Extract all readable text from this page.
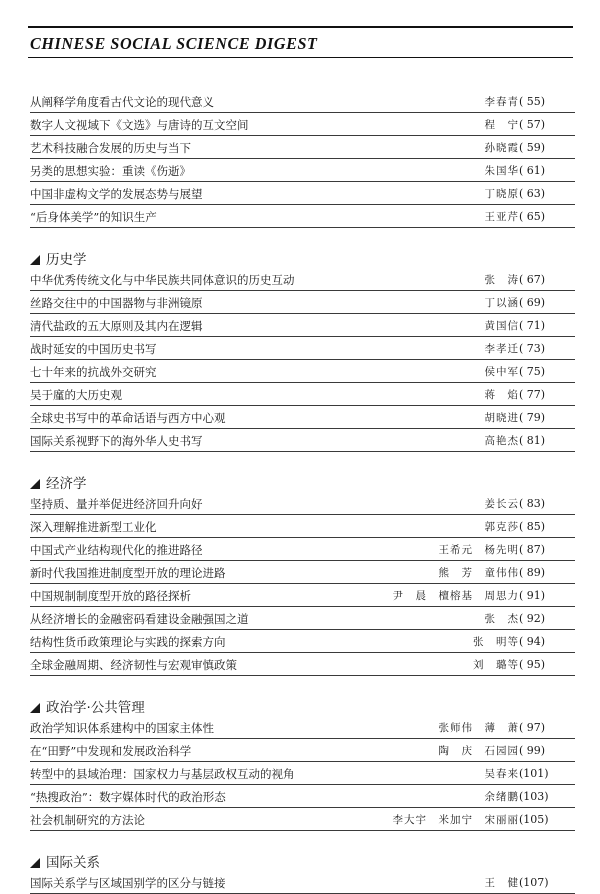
CHINESE SOCIAL SCIENCE DIGEST
从阐释学角度看古代文论的现代意义	李春青 ( 55)
数字人文视域下《文选》与唐诗的互文空间	程　宁 ( 57)
艺术科技融合发展的历史与当下	孙晓霞 ( 59)
另类的思想实验：重读《伤逝》	朱国华 ( 61)
中国非虚构文学的发展态势与展望	丁晓原 ( 63)
“后身体美学”的知识生产	王亚芹 ( 65)
历史学
中华优秀传统文化与中华民族共同体意识的历史互动	张　涛 ( 67)
丝路交往中的中国器物与非洲镜原	丁以涵 ( 69)
清代盐政的五大原则及其内在逻辑	黄国信 ( 71)
战时延安的中国历史书写	李孝迁 ( 73)
七十年来的抗战外交研究	侯中军 ( 75)
吴于廑的大历史观	蒋　焰 ( 77)
全球史书写中的革命话语与西方中心观	胡晓进 ( 79)
国际关系视野下的海外华人史书写	高艳杰 ( 81)
经济学
坚持质、量并举促进经济回升向好	姜长云 ( 83)
深入理解推进新型工业化	郭克莎 ( 85)
中国式产业结构现代化的推进路径	王希元　杨先明 ( 87)
新时代我国推进制度型开放的理论进路	熊　芳　童伟伟 ( 89)
中国规制制度型开放的路径探析	尹　晨　檀榕基　周思力 ( 91)
从经济增长的金融密码看建设金融强国之道	张　杰 ( 92)
结构性货币政策理论与实践的探索方向	张　明等 ( 94)
全球金融周期、经济韧性与宏观审慎政策	刘　璐等 ( 95)
政治学·公共管理
政治学知识体系建构中的国家主体性	张师伟　薄　萧 ( 97)
在“田野”中发现和发展政治科学	陶　庆　石园园 ( 99)
转型中的县域治理：国家权力与基层政权互动的视角	吴春来 (101)
“热搜政治”：数字媒体时代的政治形态	余绪鹏 (103)
社会机制研究的方法论	李大宇　米加宁　宋丽丽 (105)
国际关系
国际关系学与区域国别学的区分与链接	王　健 (107)
